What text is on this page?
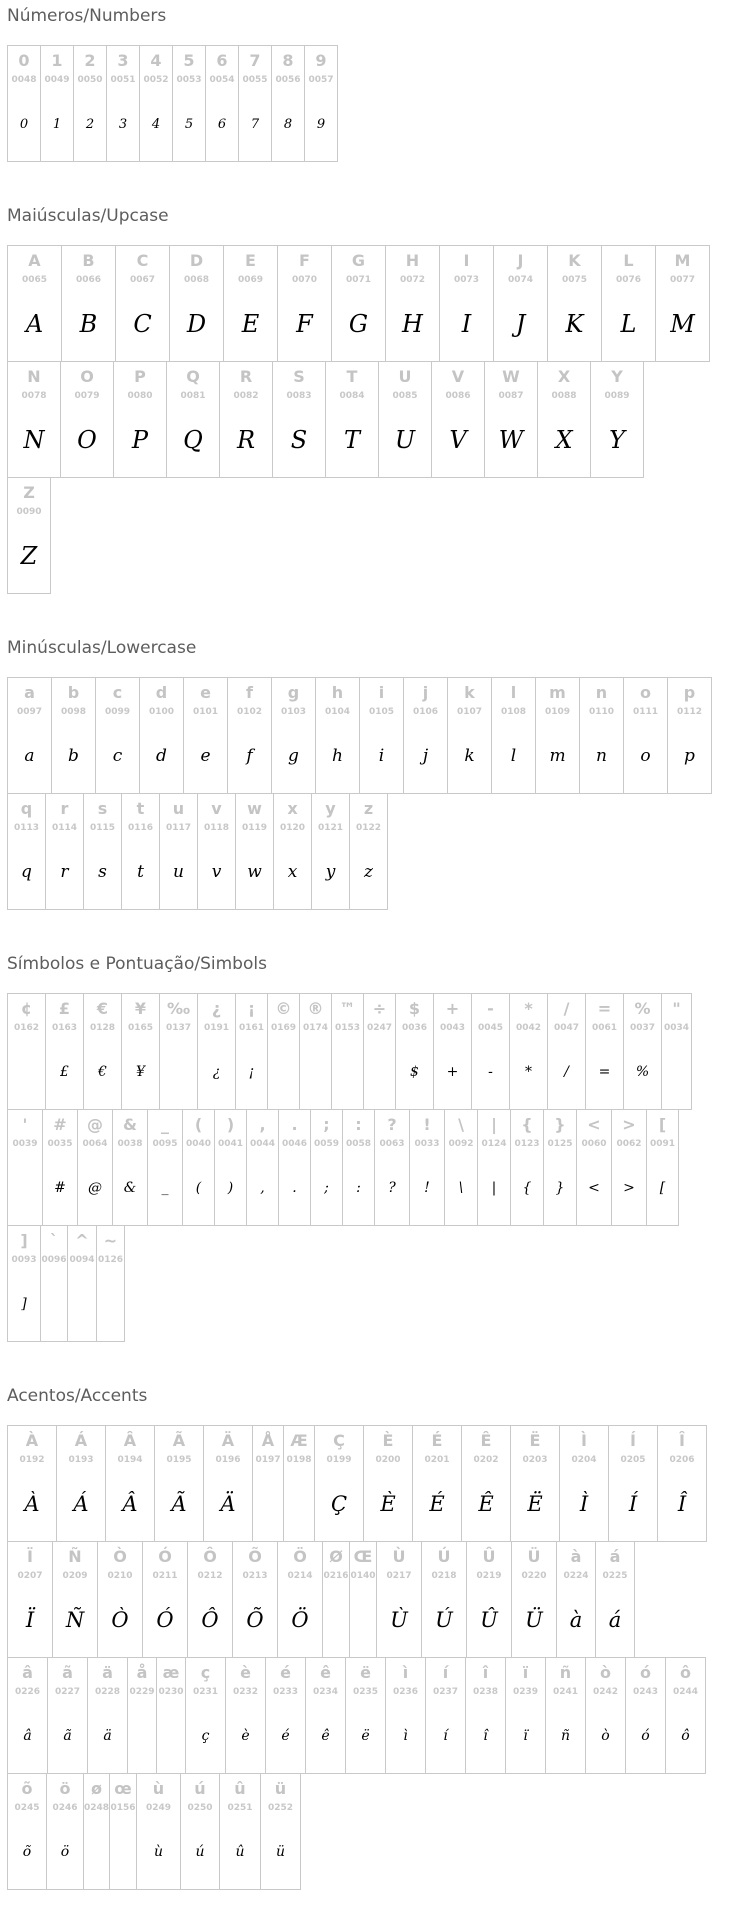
Números/Numbers
0
0048
0
1
0049
1
2
0050
2
3
0051
3
4
0052
4
5
0053
5
6
0054
6
7
0055
7
8
0056
8
9
0057
9
Maiúsculas/Upcase
A
0065
A
B
0066
B
C
0067
C
D
0068
D
E
0069
E
F
0070
F
G
0071
G
H
0072
H
I
0073
I
J
0074
J
K
0075
K
L
0076
L
M
0077
M
N
0078
N
O
0079
O
P
0080
P
Q
0081
Q
R
0082
R
S
0083
S
T
0084
T
U
0085
U
V
0086
V
W
0087
W
X
0088
X
Y
0089
Y
Z
0090
Z
Minúsculas/Lowercase
a
0097
a
b
0098
b
c
0099
c
d
0100
d
e
0101
e
f
0102
f
g
0103
g
h
0104
h
i
0105
i
j
0106
j
k
0107
k
l
0108
l
m
0109
m
n
0110
n
o
0111
o
p
0112
p
q
0113
q
r
0114
r
s
0115
s
t
0116
t
u
0117
u
v
0118
v
w
0119
w
x
0120
x
y
0121
y
z
0122
z
Símbolos e Pontuação/Simbols
¢
0162
£
0163
£
€
0128
€
¥
0165
¥
‰
0137
¿
0191
¿
¡
0161
¡
©
0169
®
0174
™
0153
÷
0247
$
0036
$
+
0043
+
-
0045
-
*
0042
*
/
0047
/
=
0061
=
%
0037
%
"
0034
'
0039
#
0035
#
@
0064
@
&
0038
&
_
0095
_
(
0040
(
)
0041
)
,
0044
,
.
0046
.
;
0059
;
:
0058
:
?
0063
?
!
0033
!
\
0092
\
|
0124
|
{
0123
{
}
0125
}
<
0060
<
>
0062
>
[
0091
[
]
0093
]
`
0096
^
0094
~
0126
Acentos/Accents
À
0192
À
Á
0193
Á
Â
0194
Â
Ã
0195
Ã
Ä
0196
Ä
Å
0197
Æ
0198
Ç
0199
Ç
È
0200
È
É
0201
É
Ê
0202
Ê
Ë
0203
Ë
Ì
0204
Ì
Í
0205
Í
Î
0206
Î
Ï
0207
Ï
Ñ
0209
Ñ
Ò
0210
Ò
Ó
0211
Ó
Ô
0212
Ô
Õ
0213
Õ
Ö
0214
Ö
Ø
0216
Œ
0140
Ù
0217
Ù
Ú
0218
Ú
Û
0219
Û
Ü
0220
Ü
à
0224
à
á
0225
á
â
0226
â
ã
0227
ã
ä
0228
ä
å
0229
æ
0230
ç
0231
ç
è
0232
è
é
0233
é
ê
0234
ê
ë
0235
ë
ì
0236
ì
í
0237
í
î
0238
î
ï
0239
ï
ñ
0241
ñ
ò
0242
ò
ó
0243
ó
ô
0244
ô
õ
0245
õ
ö
0246
ö
ø
0248
œ
0156
ù
0249
ù
ú
0250
ú
û
0251
û
ü
0252
ü
